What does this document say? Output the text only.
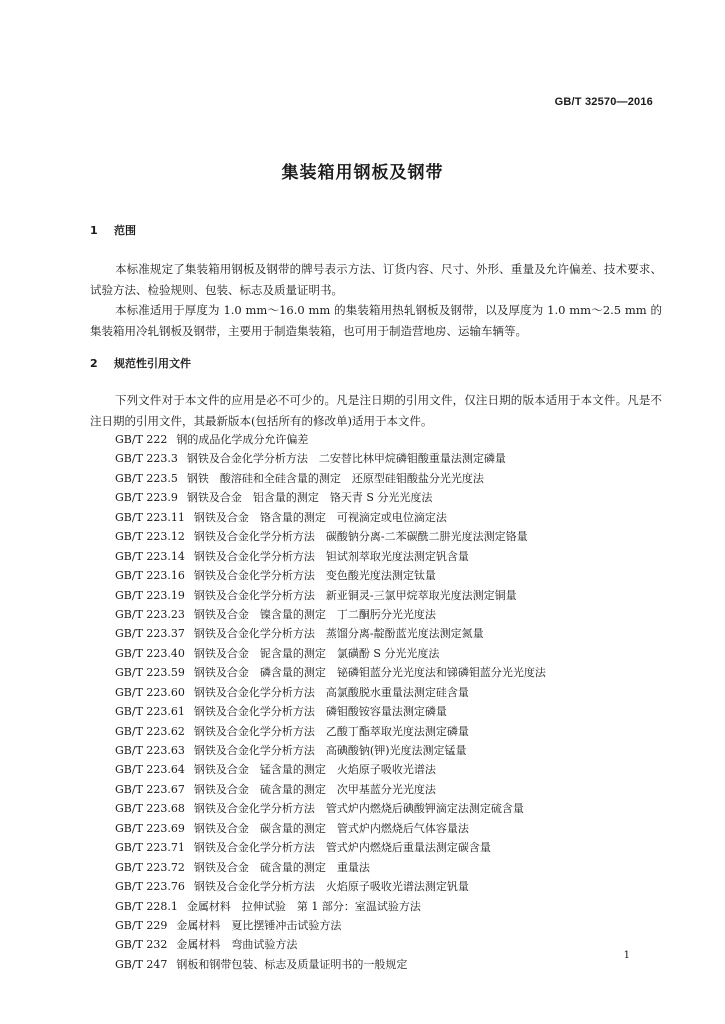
GB/T 32570—2016
集装箱用钢板及钢带
1 范围

本标准规定了集装箱用钢板及钢带的牌号表示方法、订货内容、尺寸、外形、重量及允许偏差、技术要求、试验方法、检验规则、包装、标志及质量证明书。

本标准适用于厚度为 1.0 mm～16.0 mm 的集装箱用热轧钢板及钢带，以及厚度为 1.0 mm～2.5 mm 的集装箱用冷轧钢板及钢带，主要用于制造集装箱，也可用于制造营地房、运输车辆等。

2 规范性引用文件

下列文件对于本文件的应用是必不可少的。凡是注日期的引用文件，仅注日期的版本适用于本文件。凡是不注日期的引用文件，其最新版本(包括所有的修改单)适用于本文件。

GB/T 222 钢的成品化学成分允许偏差
GB/T 223.3 钢铁及合金化学分析方法　二安替比林甲烷磷钼酸重量法测定磷量
GB/T 223.5 钢铁　酸溶硅和全硅含量的测定　还原型硅钼酸盐分光光度法
GB/T 223.9 钢铁及合金　铝含量的测定　铬天青 S 分光光度法
GB/T 223.11 钢铁及合金　铬含量的测定　可视滴定或电位滴定法
GB/T 223.12 钢铁及合金化学分析方法　碳酸钠分离-二苯碳酰二肼光度法测定铬量
GB/T 223.14 钢铁及合金化学分析方法　钽试剂萃取光度法测定钒含量
GB/T 223.16 钢铁及合金化学分析方法　变色酸光度法测定钛量
GB/T 223.19 钢铁及合金化学分析方法　新亚铜灵-三氯甲烷萃取光度法测定铜量
GB/T 223.23 钢铁及合金　镍含量的测定　丁二酮肟分光光度法
GB/T 223.37 钢铁及合金化学分析方法　蒸馏分离-靛酚蓝光度法测定氮量
GB/T 223.40 钢铁及合金　铌含量的测定　氯磺酚 S 分光光度法
GB/T 223.59 钢铁及合金　磷含量的测定　铋磷钼蓝分光光度法和锑磷钼蓝分光光度法
GB/T 223.60 钢铁及合金化学分析方法　高氯酸脱水重量法测定硅含量
GB/T 223.61 钢铁及合金化学分析方法　磷钼酸铵容量法测定磷量
GB/T 223.62 钢铁及合金化学分析方法　乙酸丁酯萃取光度法测定磷量
GB/T 223.63 钢铁及合金化学分析方法　高碘酸钠(钾)光度法测定锰量
GB/T 223.64 钢铁及合金　锰含量的测定　火焰原子吸收光谱法
GB/T 223.67 钢铁及合金　硫含量的测定　次甲基蓝分光光度法
GB/T 223.68 钢铁及合金化学分析方法　管式炉内燃烧后碘酸钾滴定法测定硫含量
GB/T 223.69 钢铁及合金　碳含量的测定　管式炉内燃烧后气体容量法
GB/T 223.71 钢铁及合金化学分析方法　管式炉内燃烧后重量法测定碳含量
GB/T 223.72 钢铁及合金　硫含量的测定　重量法
GB/T 223.76 钢铁及合金化学分析方法　火焰原子吸收光谱法测定钒量
GB/T 228.1 金属材料　拉伸试验　第 1 部分：室温试验方法
GB/T 229 金属材料　夏比摆锤冲击试验方法
GB/T 232 金属材料　弯曲试验方法
GB/T 247 钢板和钢带包装、标志及质量证明书的一般规定
1
